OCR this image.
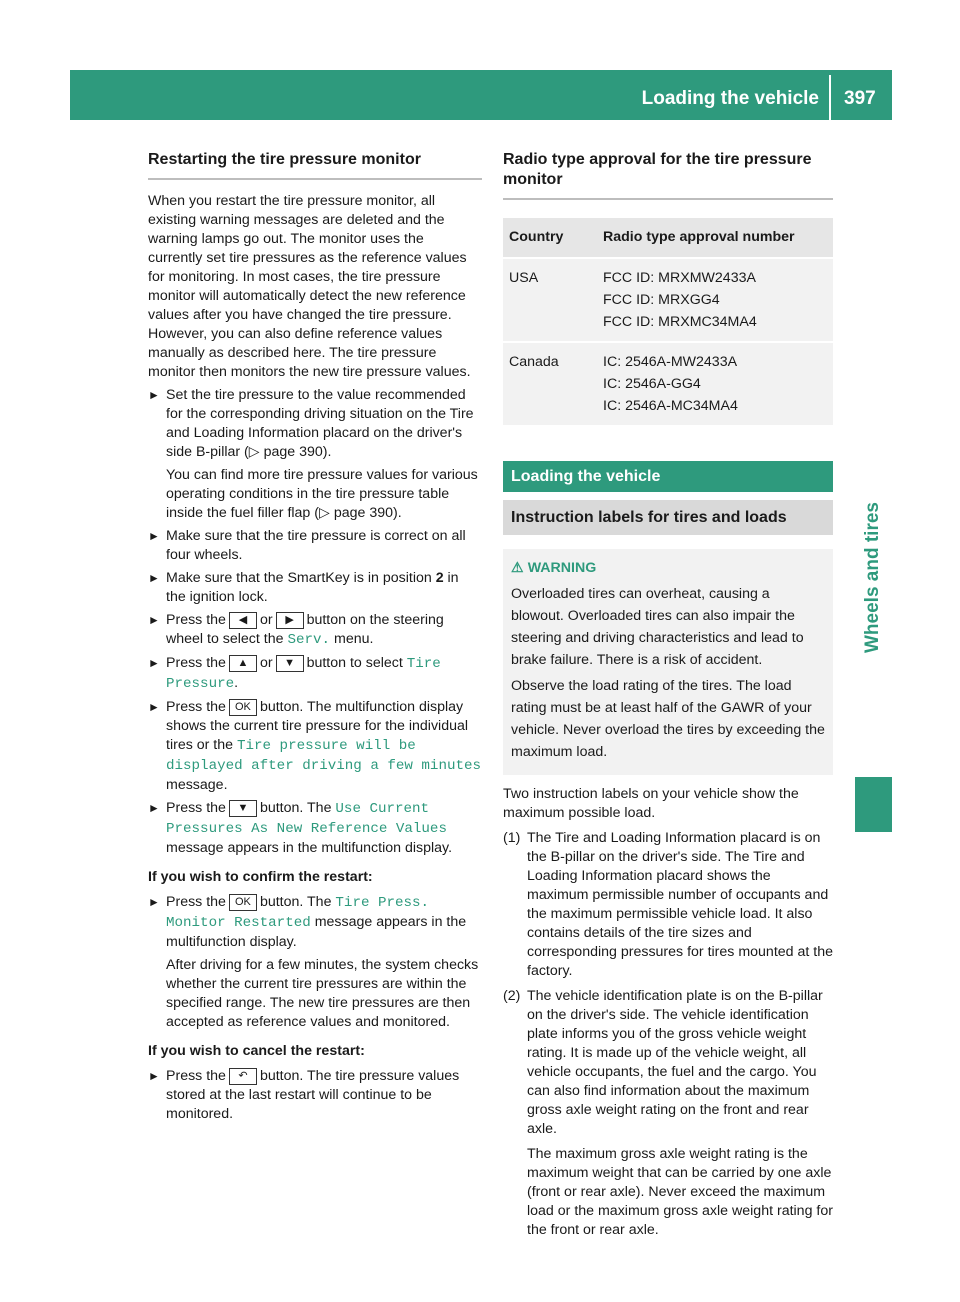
Loading the vehicle 397
Wheels and tires
Restarting the tire pressure monitor

When you restart the tire pressure monitor, all existing warning messages are deleted and the warning lamps go out. The monitor uses the currently set tire pressures as the reference values for monitoring. In most cases, the tire pressure monitor will automatically detect the new reference values after you have changed the tire pressure. However, you can also define reference values manually as described here. The tire pressure monitor then monitors the new tire pressure values.

► Set the tire pressure to the value recommended for the corresponding driving situation on the Tire and Loading Information placard on the driver's side B-pillar (▷ page 390).
You can find more tire pressure values for various operating conditions in the tire pressure table inside the fuel filler flap (▷ page 390).
► Make sure that the tire pressure is correct on all four wheels.
► Make sure that the SmartKey is in position 2 in the ignition lock.
► Press the ◀ or ▶ button on the steering wheel to select the Serv. menu.
► Press the ▲ or ▼ button to select Tire Pressure.
► Press the OK button. The multifunction display shows the current tire pressure for the individual tires or the Tire pressure will be displayed after driving a few minutes message.
► Press the ▼ button. The Use Current Pressures As New Reference Values message appears in the multifunction display.
If you wish to confirm the restart:
► Press the OK button. The Tire Press. Monitor Restarted message appears in the multifunction display.
After driving for a few minutes, the system checks whether the current tire pressures are within the specified range. The new tire pressures are then accepted as reference values and monitored.
If you wish to cancel the restart:
► Press the ↶ button. The tire pressure values stored at the last restart will continue to be monitored.
Radio type approval for the tire pressure monitor
Country	Radio type approval number
USA	FCC ID: MRXMW2433A
FCC ID: MRXGG4
FCC ID: MRXMC34MA4

Canada	IC: 2546A-MW2433A
IC: 2546A-GG4
IC: 2546A-MC34MA4
Loading the vehicle
Instruction labels for tires and loads
⚠ WARNING

Overloaded tires can overheat, causing a blowout. Overloaded tires can also impair the steering and driving characteristics and lead to brake failure. There is a risk of accident.

Observe the load rating of the tires. The load rating must be at least half of the GAWR of your vehicle. Never overload the tires by exceeding the maximum load.

Two instruction labels on your vehicle show the maximum possible load.

(1) The Tire and Loading Information placard is on the B-pillar on the driver's side. The Tire and Loading Information placard shows the maximum permissible number of occupants and the maximum permissible vehicle load. It also contains details of the tire sizes and corresponding pressures for tires mounted at the factory.
(2) The vehicle identification plate is on the B-pillar on the driver's side. The vehicle identification plate informs you of the gross vehicle weight rating. It is made up of the vehicle weight, all vehicle occupants, the fuel and the cargo. You can also find information about the maximum gross axle weight rating on the front and rear axle.
The maximum gross axle weight rating is the maximum weight that can be carried by one axle (front or rear axle). Never exceed the maximum load or the maximum gross axle weight rating for the front or rear axle.
